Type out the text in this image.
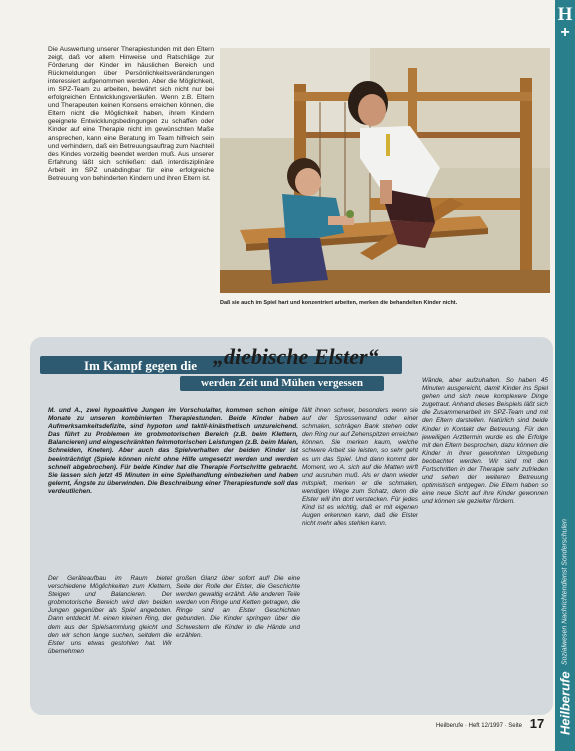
H
+
Heilberufe
Sozialwesen Nachrichtendienst Sonderschulen

Die Auswertung unserer Therapiestunden mit den Eltern zeigt, daß vor allem Hinweise und Ratschläge zur Förderung der Kinder im häuslichen Bereich und Rückmeldungen über Persönlichkeitsveränderungen interessiert aufgenommen werden. Aber die Möglichkeit, im SPZ-Team zu arbeiten, bewährt sich nicht nur bei erfolgreichen Entwicklungsverläufen. Wenn z.B. Eltern und Therapeuten keinen Konsens erreichen können, die Eltern nicht die Möglichkeit haben, ihrem Kindern geeignete Entwicklungsbedingungen zu schaffen oder Kinder auf eine Therapie nicht im gewünschten Maße ansprechen, kann eine Beratung im Team hilfreich sein und verhindern, daß ein Betreuungsauftrag zum Nachteil des Kindes vorzeitig beendet werden muß. Aus unserer Erfahrung läßt sich schließen: daß interdisziplinäre Arbeit im SPZ unabdingbar für eine erfolgreiche Betreuung von behinderten Kindern und ihren Eltern ist.

Daß sie auch im Spiel hart und konzentriert arbeiten, merken die behandelten Kinder nicht.
Im Kampf gegen die „diebische Elster“
werden Zeit und Mühen vergessen

M. und A., zwei hypoaktive Jungen im Vorschulalter, kommen schon einige Monate zu unseren kombinierten Therapiestunden. Beide Kinder haben Aufmerksamkeitsdefizite, sind hypoton und taktil-kinästhetisch unzureichend. Das führt zu Problemen im grobmotorischen Bereich (z.B. beim Klettern, Balancieren) und eingeschränkten feinmotorischen Leistungen (z.B. beim Malen, Schneiden, Kneten). Aber auch das Spielverhalten der beiden Kinder ist beeinträchtigt (Spiele können nicht ohne Hilfe umgesetzt werden und werden schnell abgebrochen). Für beide Kinder hat die Therapie Fortschritte gebracht. Sie lassen sich jetzt 45 Minuten in eine Spielhandlung einbeziehen und haben gelernt, Ängste zu überwinden. Die Beschreibung einer Therapiestunde soll das verdeutlichen.

Der Geräteaufbau im Raum bietet verschiedene Möglichkeiten zum Klettern, Steigen und Balancieren. Der grobmotorische Bereich wird den beiden Jungen gegenüber als Spiel angeboten. Dann entdeckt M. einen kleinen Ring, der dem aus der Spielsammlung gleicht und den wir schon lange suchen, seitdem die Elster uns etwas gestohlen hat. Wir übernehmen

großen Glanz über sofort auf! Die eine Seite der Rolle der Elster, die Geschichte werden gewaltig erzählt. Alle anderen Teile werden von Ringe und Ketten getragen, die Ringe sind an Elster Geschichten gebunden. Die Kinder springen über die Schwestern die Kinder in die Hände und erzählen.

fällt ihnen schwer, besonders wenn sie auf der Sprossenwand oder einer schmalen, schrägen Bank stehen oder den Ring nur auf Zehenspitzen erreichen können. Sie merken kaum, welche schwere Arbeit sie leisten, so sehr geht es um das Spiel. Und dann kommt der Moment, wo A. sich auf die Matten wirft und ausruhen muß. Als er dann wieder mitspielt, merken er die schmalen, wendigen Wege zum Schatz, denn die Elster will ihn dort verstecken. Für jedes Kind ist es wichtig, daß er mit eigenen Augen erkennen kann, daß die Elster nicht mehr alles stehlen kann.

Wände, aber aufzuhalten. So haben 45 Minuten ausgereicht, damit Kinder ins Spiel gehen und sich neue komplexere Dinge zugetraut. Anhand dieses Beispiels läßt sich die Zusammenarbeit im SPZ-Team und mit den Eltern darstellen. Natürlich sind beide Kinder in Kontakt der Betreuung. Für den jeweiligen Arzttermin wurde es die Erfolge mit den Eltern besprochen, dazu können die Kinder in ihrer gewohnten Umgebung beobachtet werden. Wir sind mit den Fortschritten in der Therapie sehr zufrieden und sehen der weiteren Betreuung optimistisch entgegen. Die Eltern haben so eine neue Sicht auf ihre Kinder gewonnen und können sie gezielter fördern.

Heilberufe · Heft 12/1997 · Seite 17
